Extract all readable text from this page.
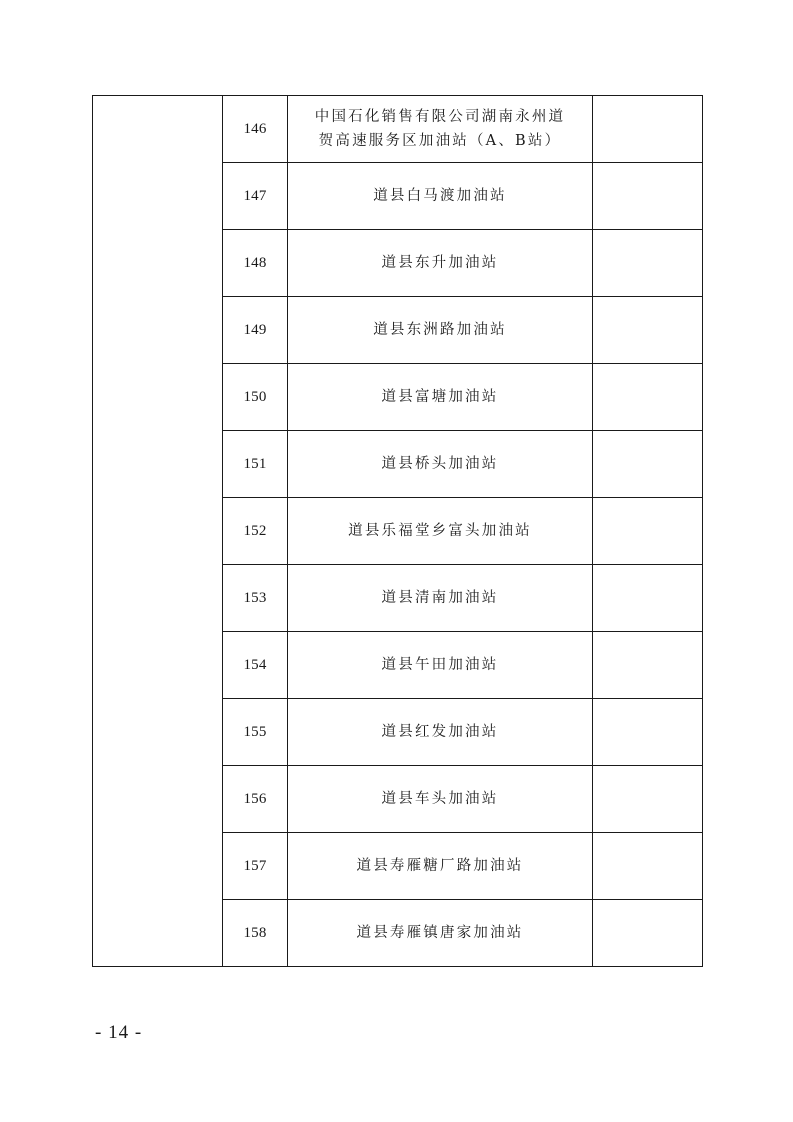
	146	中国石化销售有限公司湖南永州道贺高速服务区加油站（A、B站）	
	147	道县白马渡加油站	
	148	道县东升加油站	
	149	道县东洲路加油站	
	150	道县富塘加油站	
	151	道县桥头加油站	
	152	道县乐福堂乡富头加油站	
	153	道县清南加油站	
	154	道县午田加油站	
	155	道县红发加油站	
	156	道县车头加油站	
	157	道县寿雁糖厂路加油站	
	158	道县寿雁镇唐家加油站	
- 14 -
